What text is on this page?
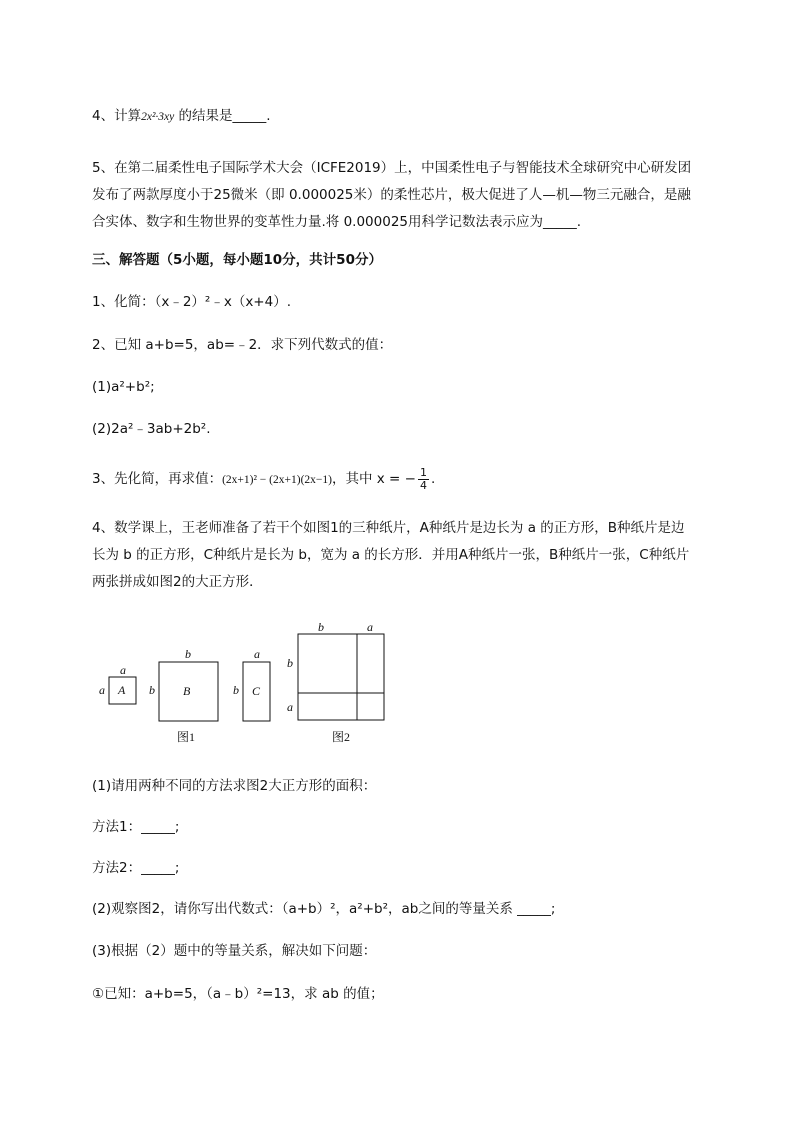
4、计算2x²·3xy 的结果是_____.
5、在第二届柔性电子国际学术大会（ICFE2019）上，中国柔性电子与智能技术全球研究中心研发团
发布了两款厚度小于25微米（即 0.000025米）的柔性芯片，极大促进了人—机—物三元融合，是融
合实体、数字和生物世界的变革性力量.将 0.000025用科学记数法表示应为_____.
三、解答题（5小题，每小题10分，共计50分）
1、化简：（x﹣2）²﹣x（x+4）.
2、已知 a+b=5，ab=﹣2．求下列代数式的值：
(1)a²+b²;
(2)2a²﹣3ab+2b².
3、先化简，再求值：(2x+1)² − (2x+1)(2x−1)，其中 x = − $\frac{1}{4}$ .
4、数学课上，王老师准备了若干个如图1的三种纸片，A种纸片是边长为 a 的正方形，B种纸片是边
长为 b 的正方形，C种纸片是长为 b，宽为 a 的长方形．并用A种纸片一张，B种纸片一张，C种纸片
两张拼成如图2的大正方形．
a
a A
b
b B
a
b C
图1
b	a
b
a
图2
(1)请用两种不同的方法求图2大正方形的面积：
方法1：_____;
方法2：_____;
(2)观察图2，请你写出代数式：（a+b）²，a²+b²，ab之间的等量关系 _____;
(3)根据（2）题中的等量关系，解决如下问题：
①已知：a+b=5，（a﹣b）²=13，求 ab 的值；
